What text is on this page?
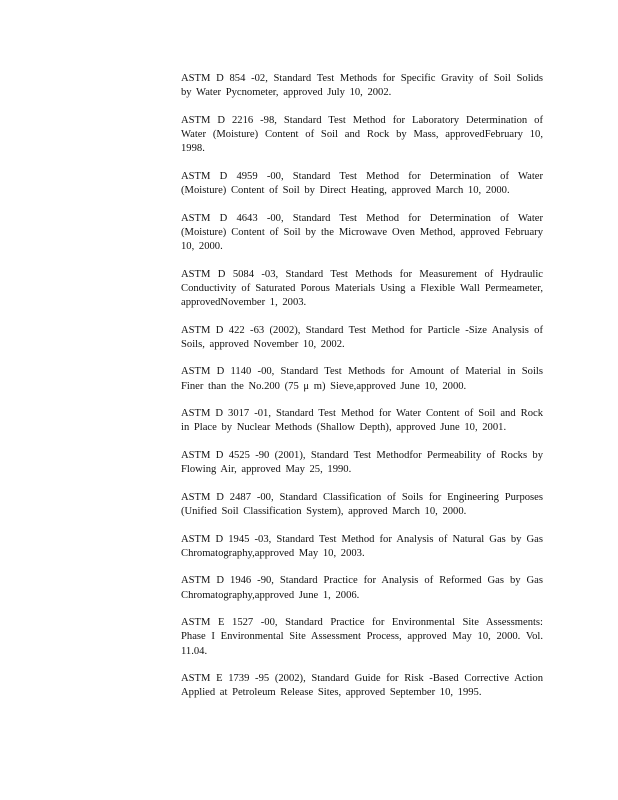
ASTM D 854 -02, Standard Test Methods for Specific Gravity of Soil Solids by Water Pycnometer, approved July 10, 2002.
ASTM D 2216 -98, Standard Test Method for Laboratory Determination of Water (Moisture) Content of Soil and Rock by Mass, approvedFebruary 10, 1998.
ASTM D 4959 -00, Standard Test Method for Determination of Water (Moisture) Content of Soil by Direct Heating, approved March 10, 2000.
ASTM D 4643 -00, Standard Test Method for Determination of Water (Moisture) Content of Soil by the Microwave Oven Method, approved February 10, 2000.
ASTM D 5084 -03, Standard Test Methods for Measurement of Hydraulic Conductivity of Saturated Porous Materials Using a Flexible Wall Permeameter, approvedNovember 1, 2003.
ASTM D 422 -63 (2002), Standard Test Method for Particle -Size Analysis of Soils, approved November 10, 2002.
ASTM D 1140 -00, Standard Test Methods for Amount of Material in Soils Finer than the No.200 (75 μ m) Sieve,approved June 10, 2000.
ASTM D 3017 -01, Standard Test Method for Water Content of Soil and Rock in Place by Nuclear Methods (Shallow Depth), approved June 10, 2001.
ASTM D 4525 -90 (2001), Standard Test Methodfor Permeability of Rocks by Flowing Air, approved May 25, 1990.
ASTM D 2487 -00, Standard Classification of Soils for Engineering Purposes (Unified Soil Classification System), approved March 10, 2000.
ASTM D 1945 -03, Standard Test Method for Analysis of Natural Gas by Gas Chromatography,approved May 10, 2003.
ASTM D 1946 -90, Standard Practice for Analysis of Reformed Gas by Gas Chromatography,approved June 1, 2006.
ASTM E 1527 -00, Standard Practice for Environmental Site Assessments: Phase I Environmental Site Assessment Process, approved May 10, 2000. Vol. 11.04.
ASTM E 1739 -95 (2002), Standard Guide for Risk -Based Corrective Action Applied at Petroleum Release Sites, approved September 10, 1995.
